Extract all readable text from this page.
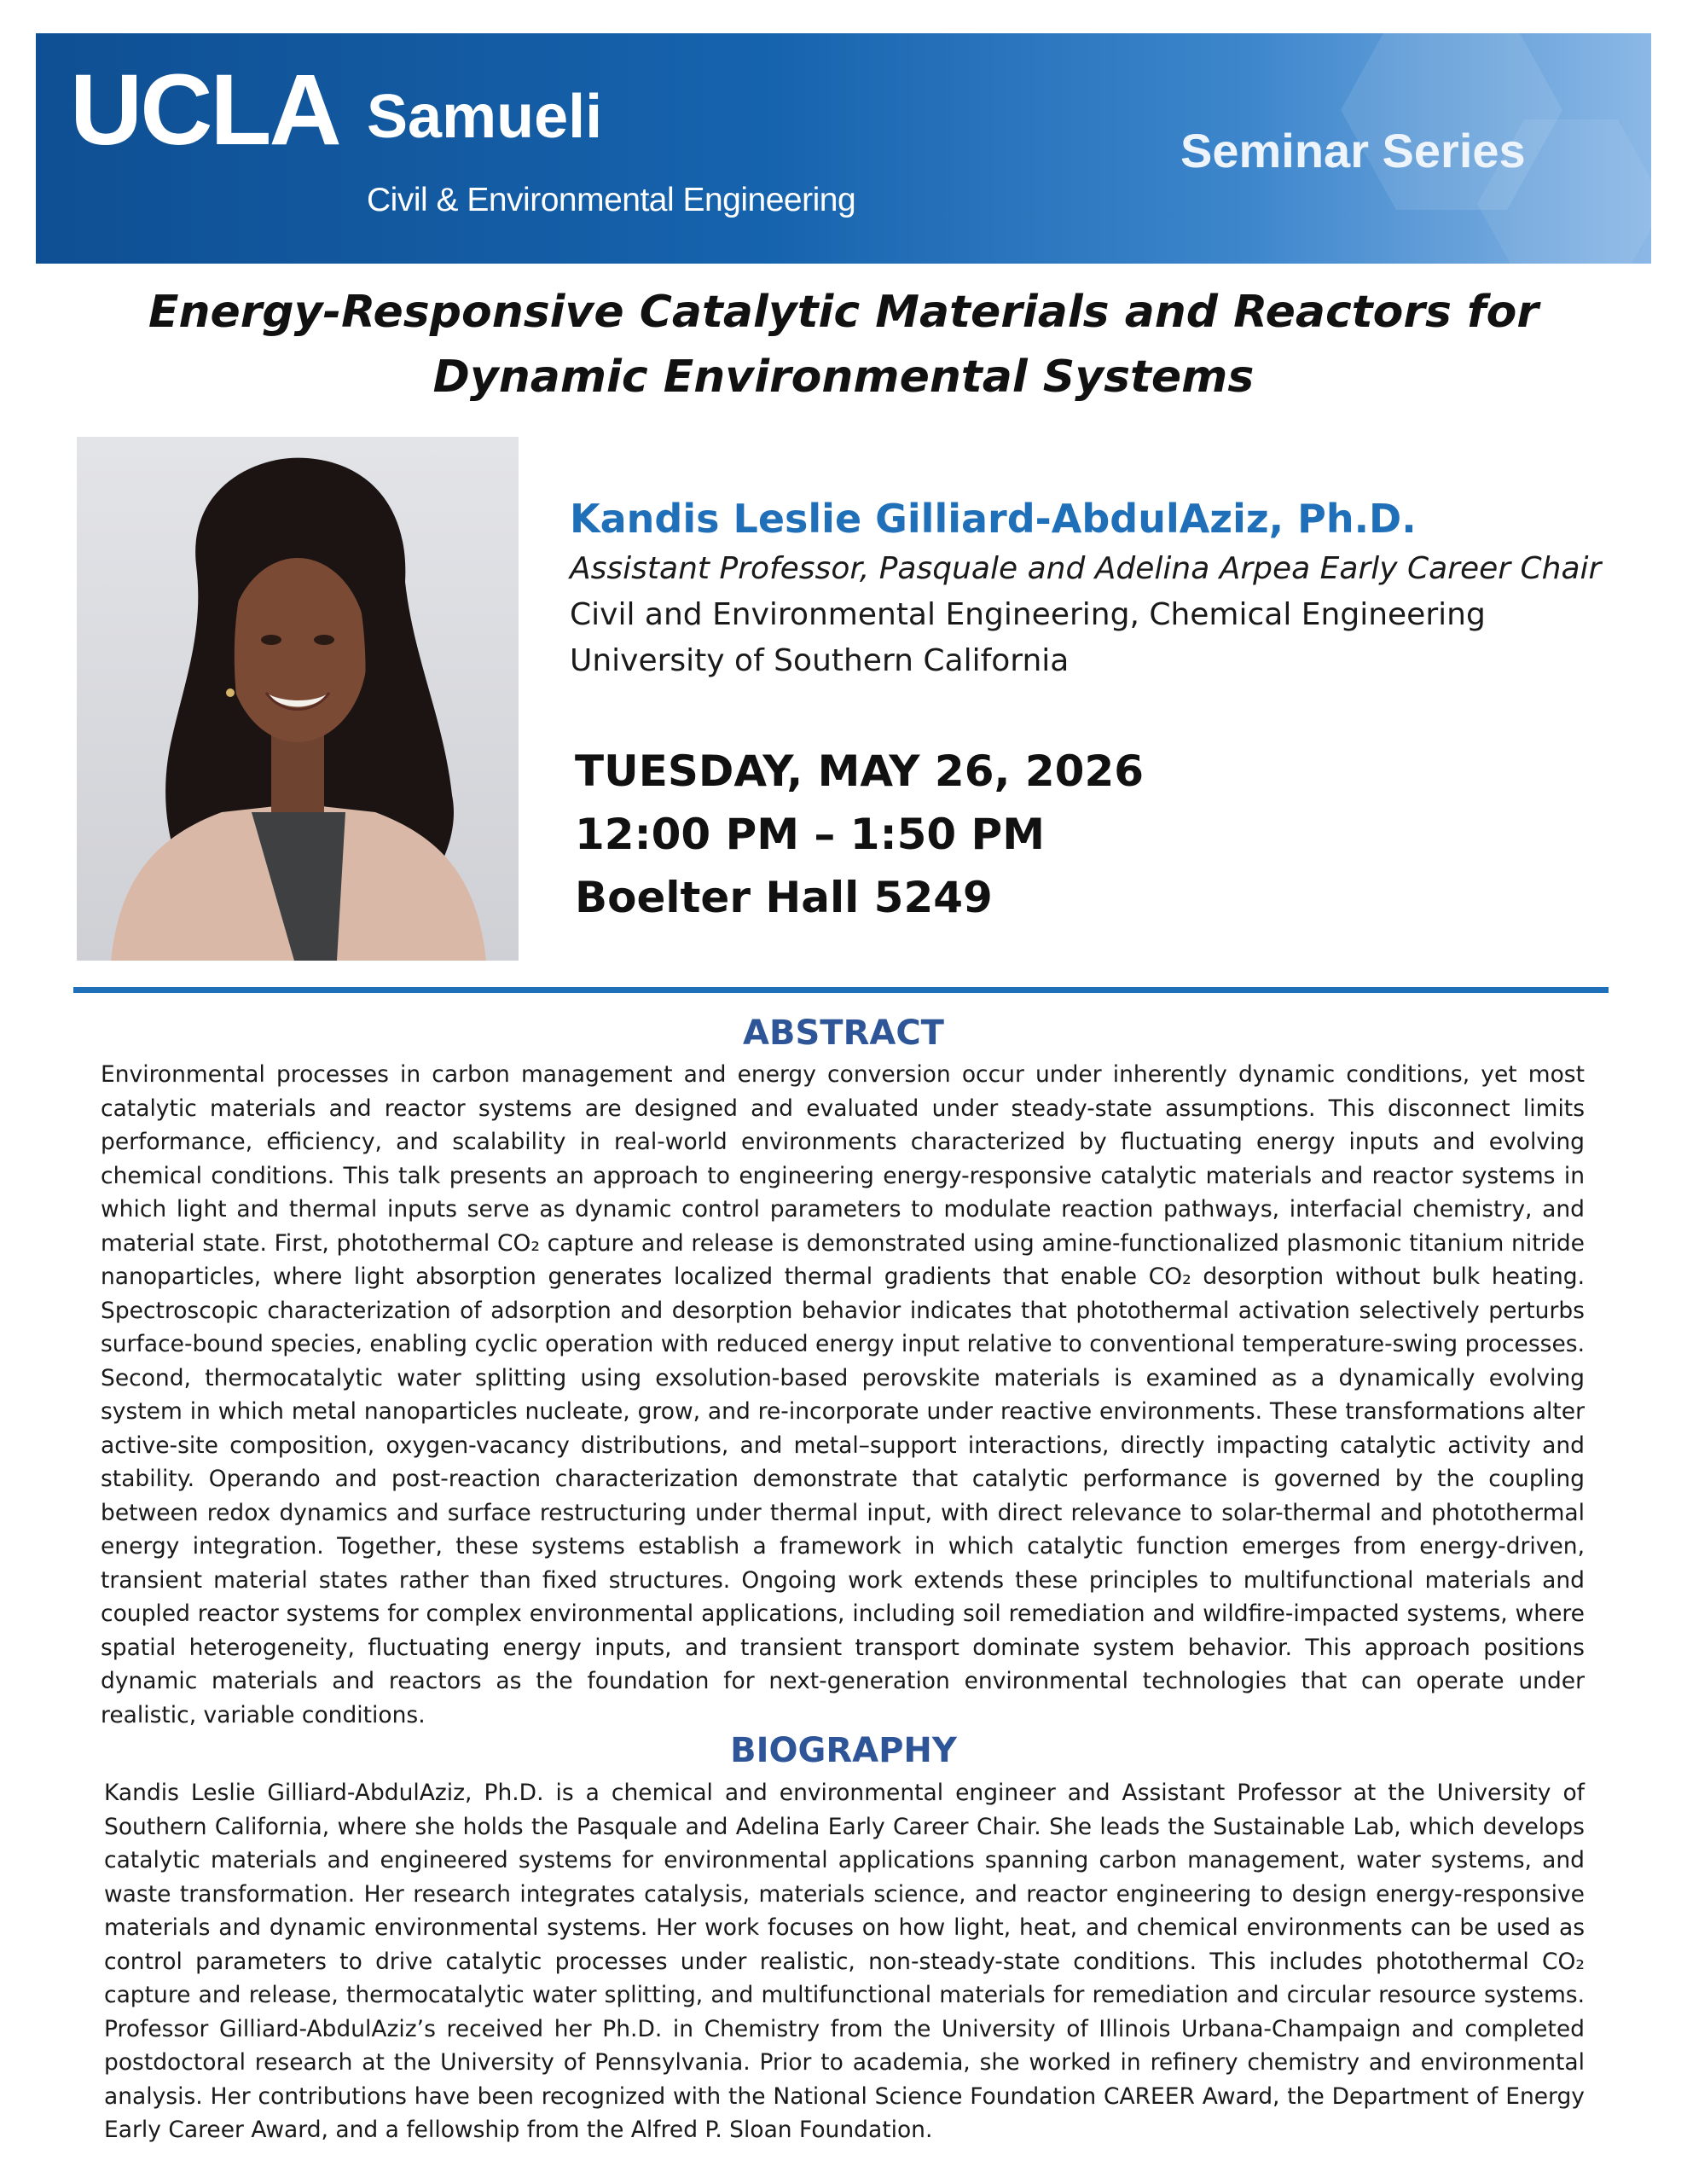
UCLA Samueli
Civil & Environmental Engineering
Seminar Series
Energy-Responsive Catalytic Materials and Reactors for Dynamic Environmental Systems
Kandis Leslie Gilliard-AbdulAziz, Ph.D.
Assistant Professor, Pasquale and Adelina Arpea Early Career Chair
Civil and Environmental Engineering, Chemical Engineering
University of Southern California
TUESDAY, MAY 26, 2026
12:00 PM – 1:50 PM
Boelter Hall 5249
ABSTRACT

Environmental processes in carbon management and energy conversion occur under inherently dynamic conditions, yet most catalytic materials and reactor systems are designed and evaluated under steady-state assumptions. This disconnect limits performance, efficiency, and scalability in real-world environments characterized by fluctuating energy inputs and evolving chemical conditions. This talk presents an approach to engineering energy-responsive catalytic materials and reactor systems in which light and thermal inputs serve as dynamic control parameters to modulate reaction pathways, interfacial chemistry, and material state. First, photothermal CO₂ capture and release is demonstrated using amine-functionalized plasmonic titanium nitride nanoparticles, where light absorption generates localized thermal gradients that enable CO₂ desorption without bulk heating. Spectroscopic characterization of adsorption and desorption behavior indicates that photothermal activation selectively perturbs surface-bound species, enabling cyclic operation with reduced energy input relative to conventional temperature-swing processes. Second, thermocatalytic water splitting using exsolution-based perovskite materials is examined as a dynamically evolving system in which metal nanoparticles nucleate, grow, and re-incorporate under reactive environments. These transformations alter active-site composition, oxygen-vacancy distributions, and metal–support interactions, directly impacting catalytic activity and stability. Operando and post-reaction characterization demonstrate that catalytic performance is governed by the coupling between redox dynamics and surface restructuring under thermal input, with direct relevance to solar-thermal and photothermal energy integration. Together, these systems establish a framework in which catalytic function emerges from energy-driven, transient material states rather than fixed structures. Ongoing work extends these principles to multifunctional materials and coupled reactor systems for complex environmental applications, including soil remediation and wildfire-impacted systems, where spatial heterogeneity, fluctuating energy inputs, and transient transport dominate system behavior. This approach positions dynamic materials and reactors as the foundation for next-generation environmental technologies that can operate under realistic, variable conditions.

BIOGRAPHY

Kandis Leslie Gilliard-AbdulAziz, Ph.D. is a chemical and environmental engineer and Assistant Professor at the University of Southern California, where she holds the Pasquale and Adelina Early Career Chair. She leads the Sustainable Lab, which develops catalytic materials and engineered systems for environmental applications spanning carbon management, water systems, and waste transformation. Her research integrates catalysis, materials science, and reactor engineering to design energy-responsive materials and dynamic environmental systems. Her work focuses on how light, heat, and chemical environments can be used as control parameters to drive catalytic processes under realistic, non-steady-state conditions. This includes photothermal CO₂ capture and release, thermocatalytic water splitting, and multifunctional materials for remediation and circular resource systems. Professor Gilliard-AbdulAziz’s received her Ph.D. in Chemistry from the University of Illinois Urbana-Champaign and completed postdoctoral research at the University of Pennsylvania. Prior to academia, she worked in refinery chemistry and environmental analysis. Her contributions have been recognized with the National Science Foundation CAREER Award, the Department of Energy Early Career Award, and a fellowship from the Alfred P. Sloan Foundation.
